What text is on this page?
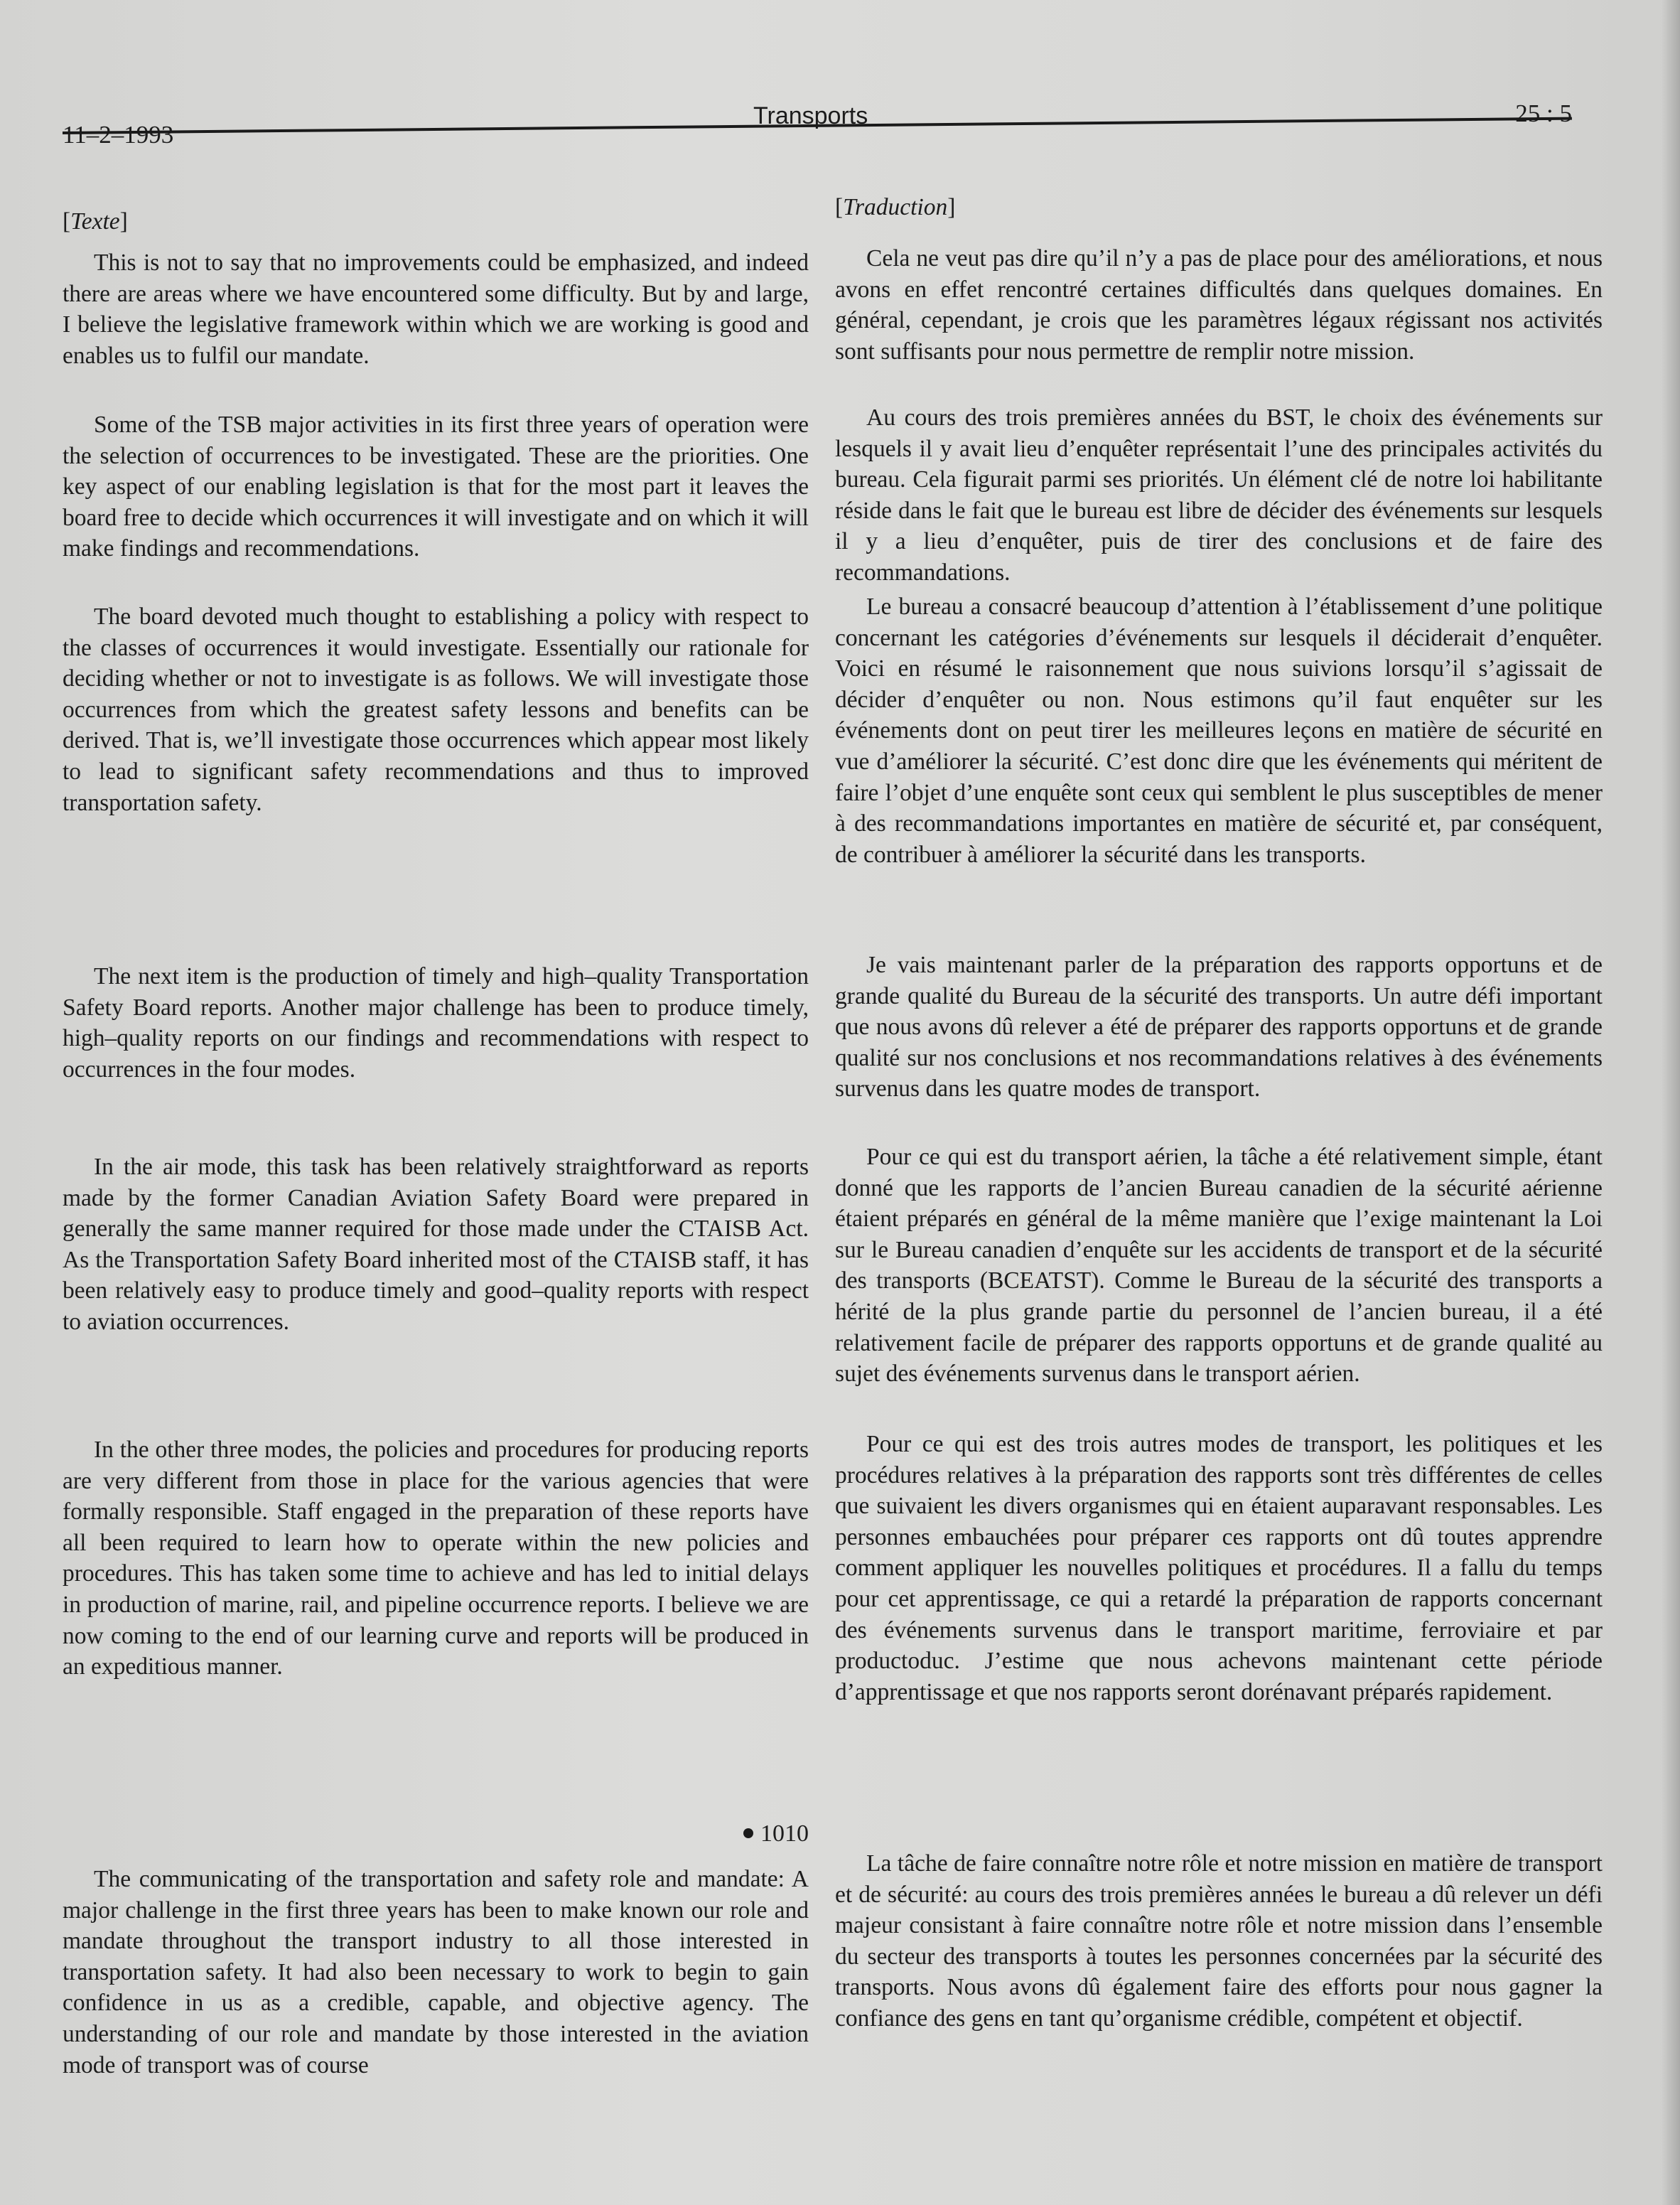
11–2–1993
Transports	25 : 5

[Texte]

This is not to say that no improvements could be emphasized, and indeed there are areas where we have encountered some difficulty. But by and large, I believe the legislative framework within which we are working is good and enables us to fulfil our mandate.

Some of the TSB major activities in its first three years of operation were the selection of occurrences to be investigated. These are the priorities. One key aspect of our enabling legislation is that for the most part it leaves the board free to decide which occurrences it will investigate and on which it will make findings and recommendations.

The board devoted much thought to establishing a policy with respect to the classes of occurrences it would investigate. Essentially our rationale for deciding whether or not to investigate is as follows. We will investigate those occurrences from which the greatest safety lessons and benefits can be derived. That is, we’ll investigate those occurrences which appear most likely to lead to significant safety recommendations and thus to improved transportation safety.

The next item is the production of timely and high–quality Transportation Safety Board reports. Another major challenge has been to produce timely, high–quality reports on our findings and recommendations with respect to occurrences in the four modes.

In the air mode, this task has been relatively straightforward as reports made by the former Canadian Aviation Safety Board were prepared in generally the same manner required for those made under the CTAISB Act. As the Transportation Safety Board inherited most of the CTAISB staff, it has been relatively easy to produce timely and good–quality reports with respect to aviation occurrences.

In the other three modes, the policies and procedures for producing reports are very different from those in place for the various agencies that were formally responsible. Staff engaged in the preparation of these reports have all been required to learn how to operate within the new policies and procedures. This has taken some time to achieve and has led to initial delays in production of marine, rail, and pipeline occurrence reports. I believe we are now coming to the end of our learning curve and reports will be produced in an expeditious manner.

1010

The communicating of the transportation and safety role and mandate: A major challenge in the first three years has been to make known our role and mandate throughout the transport industry to all those interested in transportation safety. It had also been necessary to work to begin to gain confidence in us as a credible, capable, and objective agency. The understanding of our role and mandate by those interested in the aviation mode of transport was of course

[Traduction]

Cela ne veut pas dire qu’il n’y a pas de place pour des améliorations, et nous avons en effet rencontré certaines difficultés dans quelques domaines. En général, cependant, je crois que les paramètres légaux régissant nos activités sont suffisants pour nous permettre de remplir notre mission.

Au cours des trois premières années du BST, le choix des événements sur lesquels il y avait lieu d’enquêter représentait l’une des principales activités du bureau. Cela figurait parmi ses priorités. Un élément clé de notre loi habilitante réside dans le fait que le bureau est libre de décider des événements sur lesquels il y a lieu d’enquêter, puis de tirer des conclusions et de faire des recommandations.

Le bureau a consacré beaucoup d’attention à l’établissement d’une politique concernant les catégories d’événements sur lesquels il déciderait d’enquêter. Voici en résumé le raisonnement que nous suivions lorsqu’il s’agissait de décider d’enquêter ou non. Nous estimons qu’il faut enquêter sur les événements dont on peut tirer les meilleures leçons en matière de sécurité en vue d’améliorer la sécurité. C’est donc dire que les événements qui méritent de faire l’objet d’une enquête sont ceux qui semblent le plus susceptibles de mener à des recommandations importantes en matière de sécurité et, par conséquent, de contribuer à améliorer la sécurité dans les transports.

Je vais maintenant parler de la préparation des rapports opportuns et de grande qualité du Bureau de la sécurité des transports. Un autre défi important que nous avons dû relever a été de préparer des rapports opportuns et de grande qualité sur nos conclusions et nos recommandations relatives à des événements survenus dans les quatre modes de transport.

Pour ce qui est du transport aérien, la tâche a été relativement simple, étant donné que les rapports de l’ancien Bureau canadien de la sécurité aérienne étaient préparés en général de la même manière que l’exige maintenant la Loi sur le Bureau canadien d’enquête sur les accidents de transport et de la sécurité des transports (BCEATST). Comme le Bureau de la sécurité des transports a hérité de la plus grande partie du personnel de l’ancien bureau, il a été relativement facile de préparer des rapports opportuns et de grande qualité au sujet des événements survenus dans le transport aérien.

Pour ce qui est des trois autres modes de transport, les politiques et les procédures relatives à la préparation des rapports sont très différentes de celles que suivaient les divers organismes qui en étaient auparavant responsables. Les personnes embauchées pour préparer ces rapports ont dû toutes apprendre comment appliquer les nouvelles politiques et procédures. Il a fallu du temps pour cet apprentissage, ce qui a retardé la préparation de rapports concernant des événements survenus dans le transport maritime, ferroviaire et par productoduc. J’estime que nous achevons maintenant cette période d’apprentissage et que nos rapports seront dorénavant préparés rapidement.

La tâche de faire connaître notre rôle et notre mission en matière de transport et de sécurité: au cours des trois premières années le bureau a dû relever un défi majeur consistant à faire connaître notre rôle et notre mission dans l’ensemble du secteur des transports à toutes les personnes concernées par la sécurité des transports. Nous avons dû également faire des efforts pour nous gagner la confiance des gens en tant qu’organisme crédible, compétent et objectif.
